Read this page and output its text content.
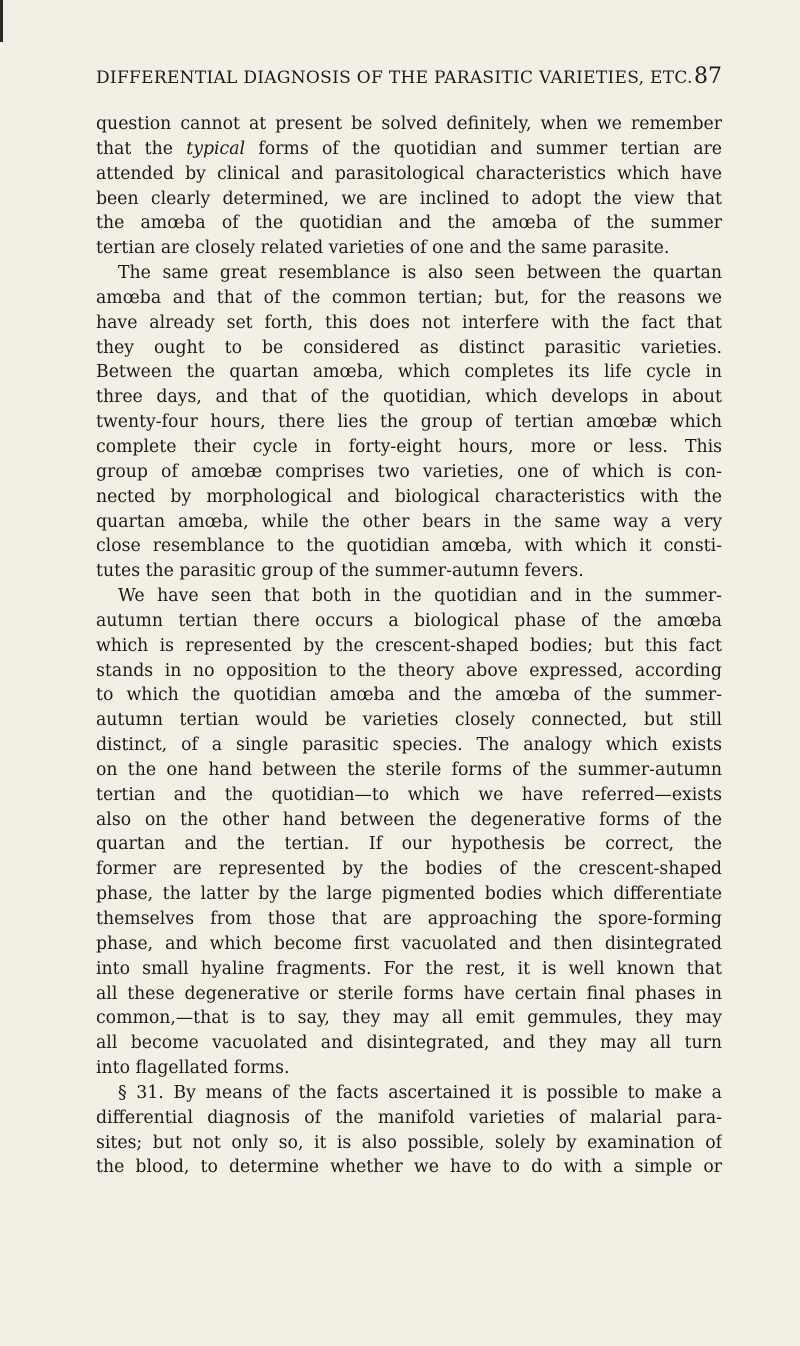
DIFFERENTIAL DIAGNOSIS OF THE PARASITIC VARIETIES, ETC. 87
question cannot at present be solved definitely, when we remember
that the typical forms of the quotidian and summer tertian are
attended by clinical and parasitological characteristics which have
been clearly determined, we are inclined to adopt the view that
the amœba of the quotidian and the amœba of the summer
tertian are closely related varieties of one and the same parasite.
The same great resemblance is also seen between the quartan
amœba and that of the common tertian; but, for the reasons we
have already set forth, this does not interfere with the fact that
they ought to be considered as distinct parasitic varieties.
Between the quartan amœba, which completes its life cycle in
three days, and that of the quotidian, which develops in about
twenty-four hours, there lies the group of tertian amœbæ which
complete their cycle in forty-eight hours, more or less. This
group of amœbæ comprises two varieties, one of which is con-
nected by morphological and biological characteristics with the
quartan amœba, while the other bears in the same way a very
close resemblance to the quotidian amœba, with which it consti-
tutes the parasitic group of the summer-autumn fevers.
We have seen that both in the quotidian and in the summer-
autumn tertian there occurs a biological phase of the amœba
which is represented by the crescent-shaped bodies; but this fact
stands in no opposition to the theory above expressed, according
to which the quotidian amœba and the amœba of the summer-
autumn tertian would be varieties closely connected, but still
distinct, of a single parasitic species. The analogy which exists
on the one hand between the sterile forms of the summer-autumn
tertian and the quotidian—to which we have referred—exists
also on the other hand between the degenerative forms of the
quartan and the tertian. If our hypothesis be correct, the
former are represented by the bodies of the crescent-shaped
phase, the latter by the large pigmented bodies which differentiate
themselves from those that are approaching the spore-forming
phase, and which become first vacuolated and then disintegrated
into small hyaline fragments. For the rest, it is well known that
all these degenerative or sterile forms have certain final phases in
common,—that is to say, they may all emit gemmules, they may
all become vacuolated and disintegrated, and they may all turn
into flagellated forms.
§ 31. By means of the facts ascertained it is possible to make a
differential diagnosis of the manifold varieties of malarial para-
sites; but not only so, it is also possible, solely by examination of
the blood, to determine whether we have to do with a simple or
